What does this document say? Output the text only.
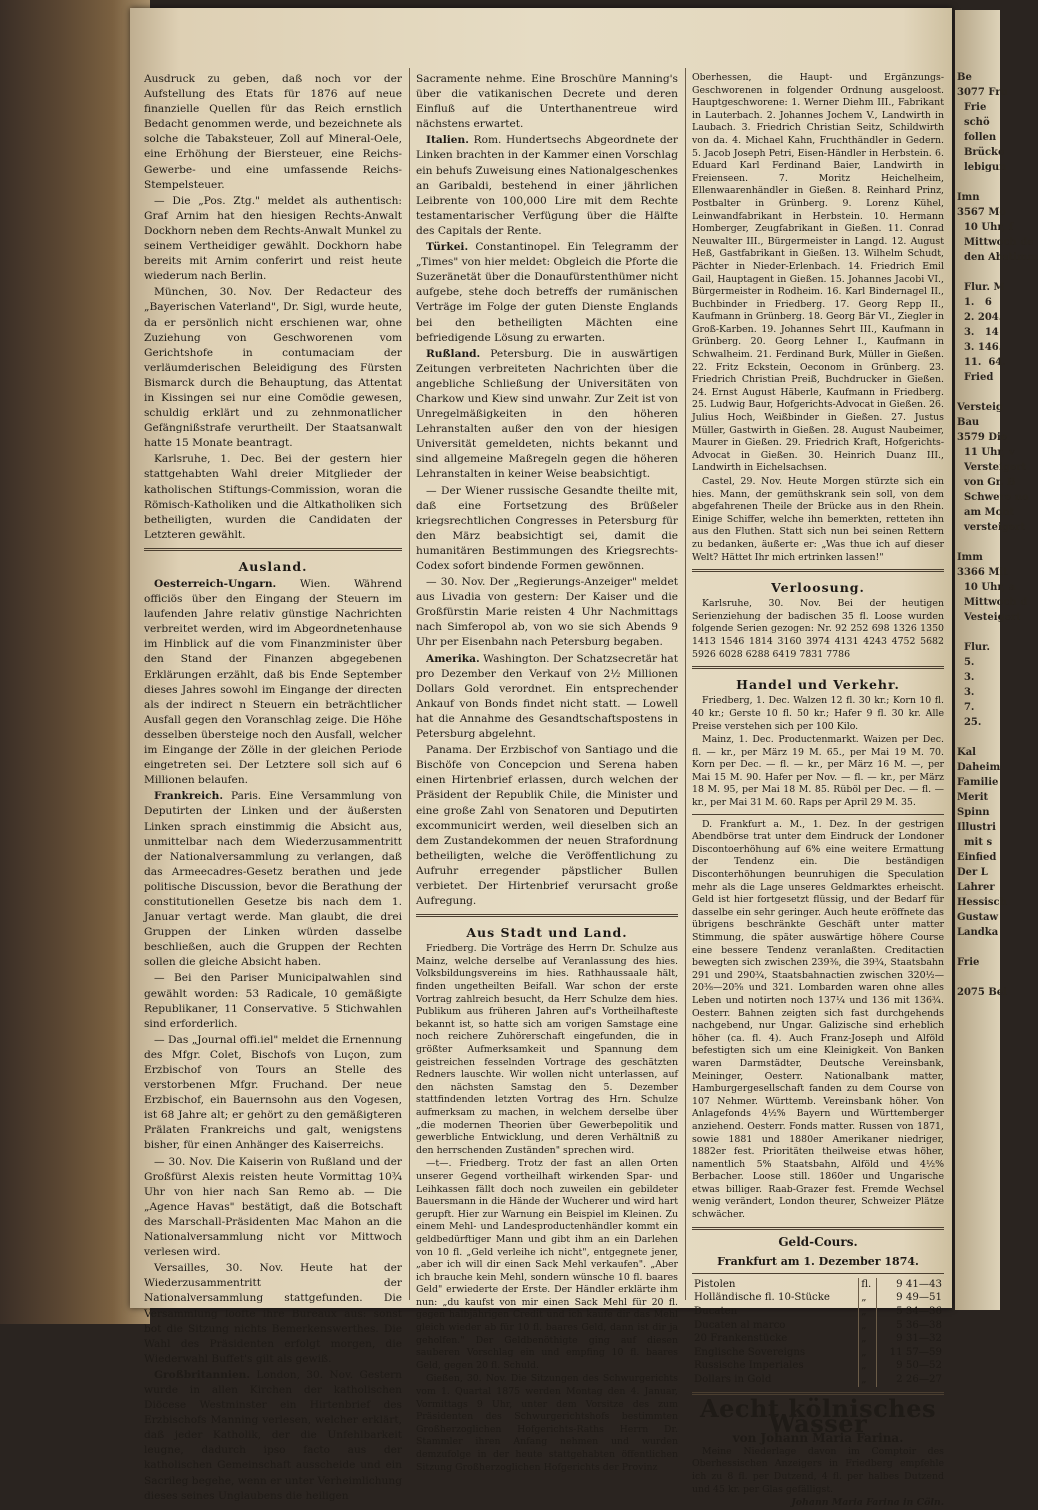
Ausdruck zu geben, daß noch vor der Aufstellung des Etats für 1876 auf neue finanzielle Quellen für das Reich ernstlich Bedacht genommen werde, und bezeichnete als solche die Tabaksteuer, Zoll auf Mineral-Oele, eine Erhöhung der Biersteuer, eine Reichs-Gewerbe- und eine umfassende Reichs-Stempelsteuer.

— Die „Pos. Ztg." meldet als authentisch: Graf Arnim hat den hiesigen Rechts-Anwalt Dockhorn neben dem Rechts-Anwalt Munkel zu seinem Vertheidiger gewählt. Dockhorn habe bereits mit Arnim conferirt und reist heute wiederum nach Berlin.

München, 30. Nov. Der Redacteur des „Bayerischen Vaterland", Dr. Sigl, wurde heute, da er persönlich nicht erschienen war, ohne Zuziehung von Geschworenen vom Gerichtshofe in contumaciam der verläumderischen Beleidigung des Fürsten Bismarck durch die Behauptung, das Attentat in Kissingen sei nur eine Comödie gewesen, schuldig erklärt und zu zehnmonatlicher Gefängnißstrafe verurtheilt. Der Staatsanwalt hatte 15 Monate beantragt.

Karlsruhe, 1. Dec. Bei der gestern hier stattgehabten Wahl dreier Mitglieder der katholischen Stiftungs-Commission, woran die Römisch-Katholiken und die Altkatholiken sich betheiligten, wurden die Candidaten der Letzteren gewählt.

Ausland.

Oesterreich-Ungarn. Wien. Während officiös über den Eingang der Steuern im laufenden Jahre relativ günstige Nachrichten verbreitet werden, wird im Abgeordnetenhause im Hinblick auf die vom Finanzminister über den Stand der Finanzen abgegebenen Erklärungen erzählt, daß bis Ende September dieses Jahres sowohl im Eingange der directen als der indirect n Steuern ein beträchtlicher Ausfall gegen den Voranschlag zeige. Die Höhe desselben übersteige noch den Ausfall, welcher im Eingange der Zölle in der gleichen Periode eingetreten sei. Der Letztere soll sich auf 6 Millionen belaufen.

Frankreich. Paris. Eine Versammlung von Deputirten der Linken und der äußersten Linken sprach einstimmig die Absicht aus, unmittelbar nach dem Wiederzusammentritt der Nationalversammlung zu verlangen, daß das Armeecadres-Gesetz berathen und jede politische Discussion, bevor die Berathung der constitutionellen Gesetze bis nach dem 1. Januar vertagt werde. Man glaubt, die drei Gruppen der Linken würden dasselbe beschließen, auch die Gruppen der Rechten sollen die gleiche Absicht haben.

— Bei den Pariser Municipalwahlen sind gewählt worden: 53 Radicale, 10 gemäßigte Republikaner, 11 Conservative. 5 Stichwahlen sind erforderlich.

— Das „Journal offi.iel" meldet die Ernennung des Mfgr. Colet, Bischofs von Luçon, zum Erzbischof von Tours an Stelle des verstorbenen Mfgr. Fruchand. Der neue Erzbischof, ein Bauernsohn aus den Vogesen, ist 68 Jahre alt; er gehört zu den gemäßigteren Prälaten Frankreichs und galt, wenigstens bisher, für einen Anhänger des Kaiserreichs.

— 30. Nov. Die Kaiserin von Rußland und der Großfürst Alexis reisten heute Vormittag 10¾ Uhr von hier nach San Remo ab. — Die „Agence Havas" bestätigt, daß die Botschaft des Marschall-Präsidenten Mac Mahon an die Nationalversammlung nicht vor Mittwoch verlesen wird.

Versailles, 30. Nov. Heute hat der Wiederzusammentritt der Nationalversammlung stattgefunden. Die Versammlung loofte ihre Bureaux aus: sonst bot die Sitzung nichts Bemerkenswerthes. Die Wahl des Präsidenten erfolgt morgen, die Wiederwahl Buffet's gilt als gewiß.

Großbritannien. London, 30. Nov. Gestern wurde in allen Kirchen der katholischen Diöcese Westminster ein Hirtenbrief des Erzbischofs Manning verlesen, welcher erklärt, daß jeder Katholik, der die Unfehlbarkeit leugne, dadurch ipso facto aus der katholischen Gemeinschaft ausscheide und ein Sacrileg begehe, wenn er unter Verheimlichung dieses seines Unglaubens die heiligen

Sacramente nehme. Eine Broschüre Manning's über die vatikanischen Decrete und deren Einfluß auf die Unterthanentreue wird nächstens erwartet.

Italien. Rom. Hundertsechs Abgeordnete der Linken brachten in der Kammer einen Vorschlag ein behufs Zuweisung eines Nationalgeschenkes an Garibaldi, bestehend in einer jährlichen Leibrente von 100,000 Lire mit dem Rechte testamentarischer Verfügung über die Hälfte des Capitals der Rente.

Türkei. Constantinopel. Ein Telegramm der „Times" von hier meldet: Obgleich die Pforte die Suzeränetät über die Donaufürstenthümer nicht aufgebe, stehe doch betreffs der rumänischen Verträge im Folge der guten Dienste Englands bei den betheiligten Mächten eine befriedigende Lösung zu erwarten.

Rußland. Petersburg. Die in auswärtigen Zeitungen verbreiteten Nachrichten über die angebliche Schließung der Universitäten von Charkow und Kiew sind unwahr. Zur Zeit ist von Unregelmäßigkeiten in den höheren Lehranstalten außer den von der hiesigen Universität gemeldeten, nichts bekannt und sind allgemeine Maßregeln gegen die höheren Lehranstalten in keiner Weise beabsichtigt.

— Der Wiener russische Gesandte theilte mit, daß eine Fortsetzung des Brüßeler kriegsrechtlichen Congresses in Petersburg für den März beabsichtigt sei, damit die humanitären Bestimmungen des Kriegsrechts-Codex sofort bindende Formen gewönnen.

— 30. Nov. Der „Regierungs-Anzeiger" meldet aus Livadia von gestern: Der Kaiser und die Großfürstin Marie reisten 4 Uhr Nachmittags nach Simferopol ab, von wo sie sich Abends 9 Uhr per Eisenbahn nach Petersburg begaben.

Amerika. Washington. Der Schatzsecretär hat pro Dezember den Verkauf von 2½ Millionen Dollars Gold verordnet. Ein entsprechender Ankauf von Bonds findet nicht statt. — Lowell hat die Annahme des Gesandtschaftspostens in Petersburg abgelehnt.

Panama. Der Erzbischof von Santiago und die Bischöfe von Concepcion und Serena haben einen Hirtenbrief erlassen, durch welchen der Präsident der Republik Chile, die Minister und eine große Zahl von Senatoren und Deputirten excommunicirt werden, weil dieselben sich an dem Zustandekommen der neuen Strafordnung betheiligten, welche die Veröffentlichung zu Aufruhr erregender päpstlicher Bullen verbietet. Der Hirtenbrief verursacht große Aufregung.

Aus Stadt und Land.

Friedberg. Die Vorträge des Herrn Dr. Schulze aus Mainz, welche derselbe auf Veranlassung des hies. Volksbildungsvereins im hies. Rathhaussaale hält, finden ungetheilten Beifall. War schon der erste Vortrag zahlreich besucht, da Herr Schulze dem hies. Publikum aus früheren Jahren auf's Vortheilhafteste bekannt ist, so hatte sich am vorigen Samstage eine noch reichere Zuhörerschaft eingefunden, die in größter Aufmerksamkeit und Spannung dem geistreichen fesselnden Vortrage des geschätzten Redners lauschte. Wir wollen nicht unterlassen, auf den nächsten Samstag den 5. Dezember stattfindenden letzten Vortrag des Hrn. Schulze aufmerksam zu machen, in welchem derselbe über „die modernen Theorien über Gewerbepolitik und gewerbliche Entwicklung, und deren Verhältniß zu den herrschenden Zuständen" sprechen wird.

—t—. Friedberg. Trotz der fast an allen Orten unserer Gegend vortheilhaft wirkenden Spar- und Leihkassen fällt doch noch zuweilen ein gebildeter Bauersmann in die Hände der Wucherer und wird hart gerupft. Hier zur Warnung ein Beispiel im Kleinen. Zu einem Mehl- und Landesproductenhändler kommt ein geldbedürftiger Mann und gibt ihm an ein Darlehen von 10 fl. „Geld verleihe ich nicht", entgegnete jener, „aber ich will dir einen Sack Mehl verkaufen". „Aber ich brauche kein Mehl, sondern wünsche 10 fl. baares Geld" erwiederte der Erste. Der Händler erklärte ihm nun: „du kaufst von mir einen Sack Mehl für 20 fl. gegen halbjährigen Credit und ich kaufe dir das Mehl gleich wieder ab für 10 fl. baares Geld, dann ist dir ja geholfen." Der Geldbenöthigte ging auf diesen sauberen Vorschlag ein und empfing 10 fl. baares Geld, gegen 20 fl. Schuld.

Gießen, 30. Nov. Die Sitzungen des Schwurgerichts vom 1. Quartal 1875 werden Montag den 4. Januar, Vormittags 9 Uhr, unter dem Vorsitze des zum Präsidenten des Schwurgerichtshofs bestimmten Großherzoglichen Hofgerichts-Raths Herrn Dr. Stammler ihren Anfang nehmen und wurden demzufolge in der heute stattgehabten öffentlichen Sitzung Großherzoglichen Hofgerichts der Provinz

Oberhessen, die Haupt- und Ergänzungs-Geschworenen in folgender Ordnung ausgeloost. Hauptgeschworene: 1. Werner Diehm III., Fabrikant in Lauterbach. 2. Johannes Jochem V., Landwirth in Laubach. 3. Friedrich Christian Seitz, Schildwirth von da. 4. Michael Kahn, Fruchthändler in Gedern. 5. Jacob Joseph Petri, Eisen-Händler in Herbstein. 6. Eduard Karl Ferdinand Baier, Landwirth in Freienseen. 7. Moritz Heichelheim, Ellenwaarenhändler in Gießen. 8. Reinhard Prinz, Postbalter in Grünberg. 9. Lorenz Kühel, Leinwandfabrikant in Herbstein. 10. Hermann Homberger, Zeugfabrikant in Gießen. 11. Conrad Neuwalter III., Bürgermeister in Langd. 12. August Heß, Gastfabrikant in Gießen. 13. Wilhelm Schudt, Pächter in Nieder-Erlenbach. 14. Friedrich Emil Gail, Hauptagent in Gießen. 15. Johannes Jacobi VI., Bürgermeister in Rodheim. 16. Karl Bindernagel II., Buchbinder in Friedberg. 17. Georg Repp II., Kaufmann in Grünberg. 18. Georg Bär VI., Ziegler in Groß-Karben. 19. Johannes Sehrt III., Kaufmann in Grünberg. 20. Georg Lehner I., Kaufmann in Schwalheim. 21. Ferdinand Burk, Müller in Gießen. 22. Fritz Eckstein, Oeconom in Grünberg. 23. Friedrich Christian Preiß, Buchdrucker in Gießen. 24. Ernst August Häberle, Kaufmann in Friedberg. 25. Ludwig Baur, Hofgerichts-Advocat in Gießen. 26. Julius Hoch, Weißbinder in Gießen. 27. Justus Müller, Gastwirth in Gießen. 28. August Naubeimer, Maurer in Gießen. 29. Friedrich Kraft, Hofgerichts-Advocat in Gießen. 30. Heinrich Duanz III., Landwirth in Eichelsachsen.

Castel, 29. Nov. Heute Morgen stürzte sich ein hies. Mann, der gemüthskrank sein soll, von dem abgefahrenen Theile der Brücke aus in den Rhein. Einige Schiffer, welche ihn bemerkten, retteten ihn aus den Fluthen. Statt sich nun bei seinen Rettern zu bedanken, äußerte er: „Was thue ich auf dieser Welt? Hättet Ihr mich ertrinken lassen!"

Verloosung.

Karlsruhe, 30. Nov. Bei der heutigen Serienziehung der badischen 35 fl. Loose wurden folgende Serien gezogen: Nr. 92 252 698 1326 1350 1413 1546 1814 3160 3974 4131 4243 4752 5682 5926 6028 6288 6419 7831 7786

Handel und Verkehr.

Friedberg, 1. Dec. Walzen 12 fl. 30 kr.; Korn 10 fl. 40 kr.; Gerste 10 fl. 50 kr.; Hafer 9 fl. 30 kr. Alle Preise verstehen sich per 100 Kilo.

Mainz, 1. Dec. Productenmarkt. Waizen per Dec. fl. — kr., per März 19 M. 65., per Mai 19 M. 70. Korn per Dec. — fl. — kr., per März 16 M. —, per Mai 15 M. 90. Hafer per Nov. — fl. — kr., per März 18 M. 95, per Mai 18 M. 85. Rüböl per Dec. — fl. — kr., per Mai 31 M. 60. Raps per April 29 M. 35.

D. Frankfurt a. M., 1. Dez. In der gestrigen Abendbörse trat unter dem Eindruck der Londoner Discontoerhöhung auf 6% eine weitere Ermattung der Tendenz ein. Die beständigen Disconterhöhungen beunruhigen die Speculation mehr als die Lage unseres Geldmarktes erheischt. Geld ist hier fortgesetzt flüssig, und der Bedarf für dasselbe ein sehr geringer. Auch heute eröffnete das übrigens beschränkte Geschäft unter matter Stimmung, die später auswärtige höhere Course eine bessere Tendenz veranlaßten. Creditactien bewegten sich zwischen 239⅜, die 39¾, Staatsbahn 291 und 290¾, Staatsbahnactien zwischen 320½—20⅜—20⅝ und 321. Lombarden waren ohne alles Leben und notirten noch 137¼ und 136 mit 136¾. Oesterr. Bahnen zeigten sich fast durchgehends nachgebend, nur Ungar. Galizische sind erheblich höher (ca. fl. 4). Auch Franz-Joseph und Alföld befestigten sich um eine Kleinigkeit. Von Banken waren Darmstädter, Deutsche Vereinsbank, Meininger, Oesterr. Nationalbank matter, Hamburgergesellschaft fanden zu dem Course von 107 Nehmer. Württemb. Vereinsbank höher. Von Anlagefonds 4½% Bayern und Württemberger anziehend. Oesterr. Fonds matter. Russen von 1871, sowie 1881 und 1880er Amerikaner niedriger, 1882er fest. Prioritäten theilweise etwas höher, namentlich 5% Staatsbahn, Alföld und 4½% Berbacher. Loose still. 1860er und Ungarische etwas billiger. Raab-Grazer fest. Fremde Wechsel wenig verändert, London theurer, Schweizer Plätze schwächer.

Geld-Cours.
Frankfurt am 1. Dezember 1874.
Pistolen	fl.	9 41—43
Holländische fl. 10-Stücke	„	9 49—51
Ducaten	„	5 34—36
Ducaten al marco	„	5 36—38
20 Frankenstücke	„	9 31—32
Englische Sovereigns	„	11 57—59
Russische Imperiales	„	9 50—52
Dollars in Gold	„	2 26—27
Aecht kölnisches Wasser
von Johann Maria Farina.

Meine Niederlage davon im Comptoir des Oberhessischen Anzeigers in Friedberg empfehle ich zu 8 fl. per Dutzend, 4 fl. per halbes Dutzend und 45 kr. per Glas gefälligst.

Johann Maria Farina in Cöln.
Be
3077 Fru
Frie
schö
follen
Brücke
lebigun

Imn
3567 Mo
10 Uhr, f
Mittwoch de
den Abstimm

Flur. M
1.   6
2. 204.
3.   14
3. 146.
11.  64.
Fried

Versteig
Bau
3579 Die
11 Uhr, v
Versteigert
von Gr. B
Schwere no
am Mont
versteigert

Imm
3366 Mit
10 Uhr, a
Mittwoch d
Vesteigert

Flur.
5.
3.
3.
7.
25.

Kal
Daheim
Familie
Merit
Spinn
Illustri
mit s
Einfied
Der L
Lahrer
Hessisch
Gustaw
Landka

Frie

2075 Bei
